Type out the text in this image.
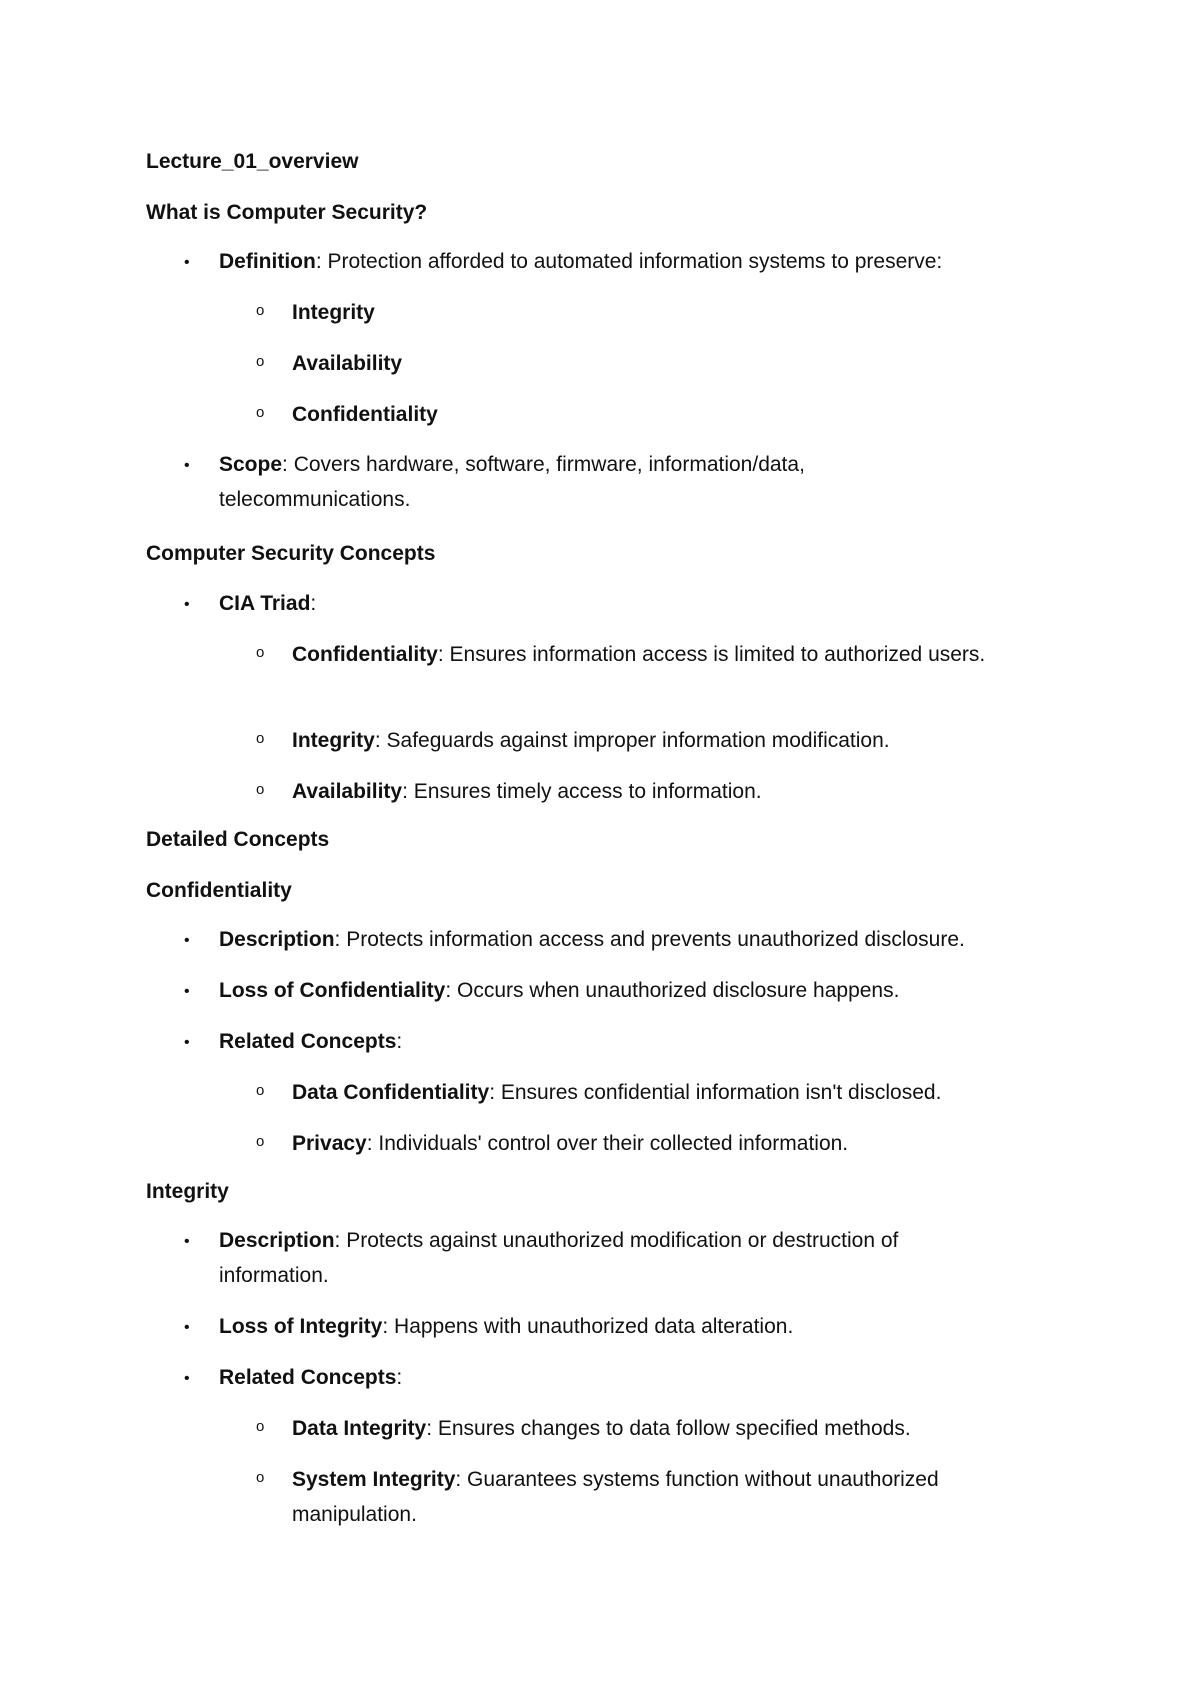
Lecture_01_overview
What is Computer Security?
• Definition: Protection afforded to automated information systems to preserve:
o Integrity
o Availability
o Confidentiality
• Scope: Covers hardware, software, firmware, information/data, telecommunications.
Computer Security Concepts
• CIA Triad:
o Confidentiality: Ensures information access is limited to authorized users.
o Integrity: Safeguards against improper information modification.
o Availability: Ensures timely access to information.
Detailed Concepts
Confidentiality
• Description: Protects information access and prevents unauthorized disclosure.
• Loss of Confidentiality: Occurs when unauthorized disclosure happens.
• Related Concepts:
o Data Confidentiality: Ensures confidential information isn't disclosed.
o Privacy: Individuals' control over their collected information.
Integrity
• Description: Protects against unauthorized modification or destruction of information.
• Loss of Integrity: Happens with unauthorized data alteration.
• Related Concepts:
o Data Integrity: Ensures changes to data follow specified methods.
o System Integrity: Guarantees systems function without unauthorized manipulation.
